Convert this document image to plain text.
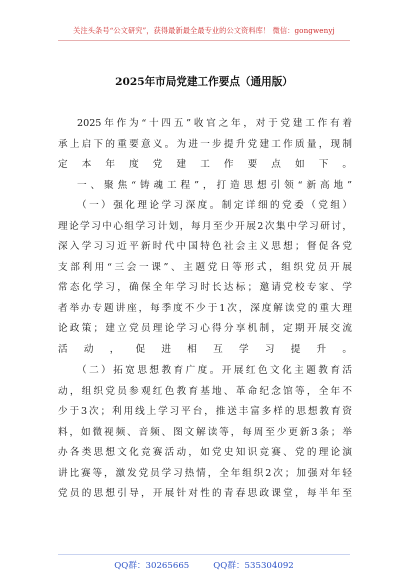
关注头条号“公文研究”，获得最新最全最专业的公文资料库！ 微信：gongwenyj
2025年市局党建工作要点（通用版）
2025年作为“十四五”收官之年，对于党建工作有着
承上启下的重要意义。为进一步提升党建工作质量，现制
定本年度党建工作要点如下。
一、聚焦“铸魂工程”，打造思想引领“新高地”
（一）强化理论学习深度。制定详细的党委（党组）
理论学习中心组学习计划，每月至少开展2次集中学习研讨，
深入学习习近平新时代中国特色社会主义思想；督促各党
支部利用“三会一课”、主题党日等形式，组织党员开展
常态化学习，确保全年学习时长达标；邀请党校专家、学
者举办专题讲座，每季度不少于1次，深度解读党的重大理
论政策；建立党员理论学习心得分享机制，定期开展交流
活动，促进相互学习提升。
（二）拓宽思想教育广度。开展红色文化主题教育活
动，组织党员参观红色教育基地、革命纪念馆等，全年不
少于3次；利用线上学习平台，推送丰富多样的思想教育资
料，如微视频、音频、图文解读等，每周至少更新3条；举
办各类思想文化竞赛活动，如党史知识竞赛、党的理论演
讲比赛等，激发党员学习热情，全年组织2次；加强对年轻
党员的思想引导，开展针对性的青春思政课堂，每半年至
QQ群：30265665	QQ群：535304092
